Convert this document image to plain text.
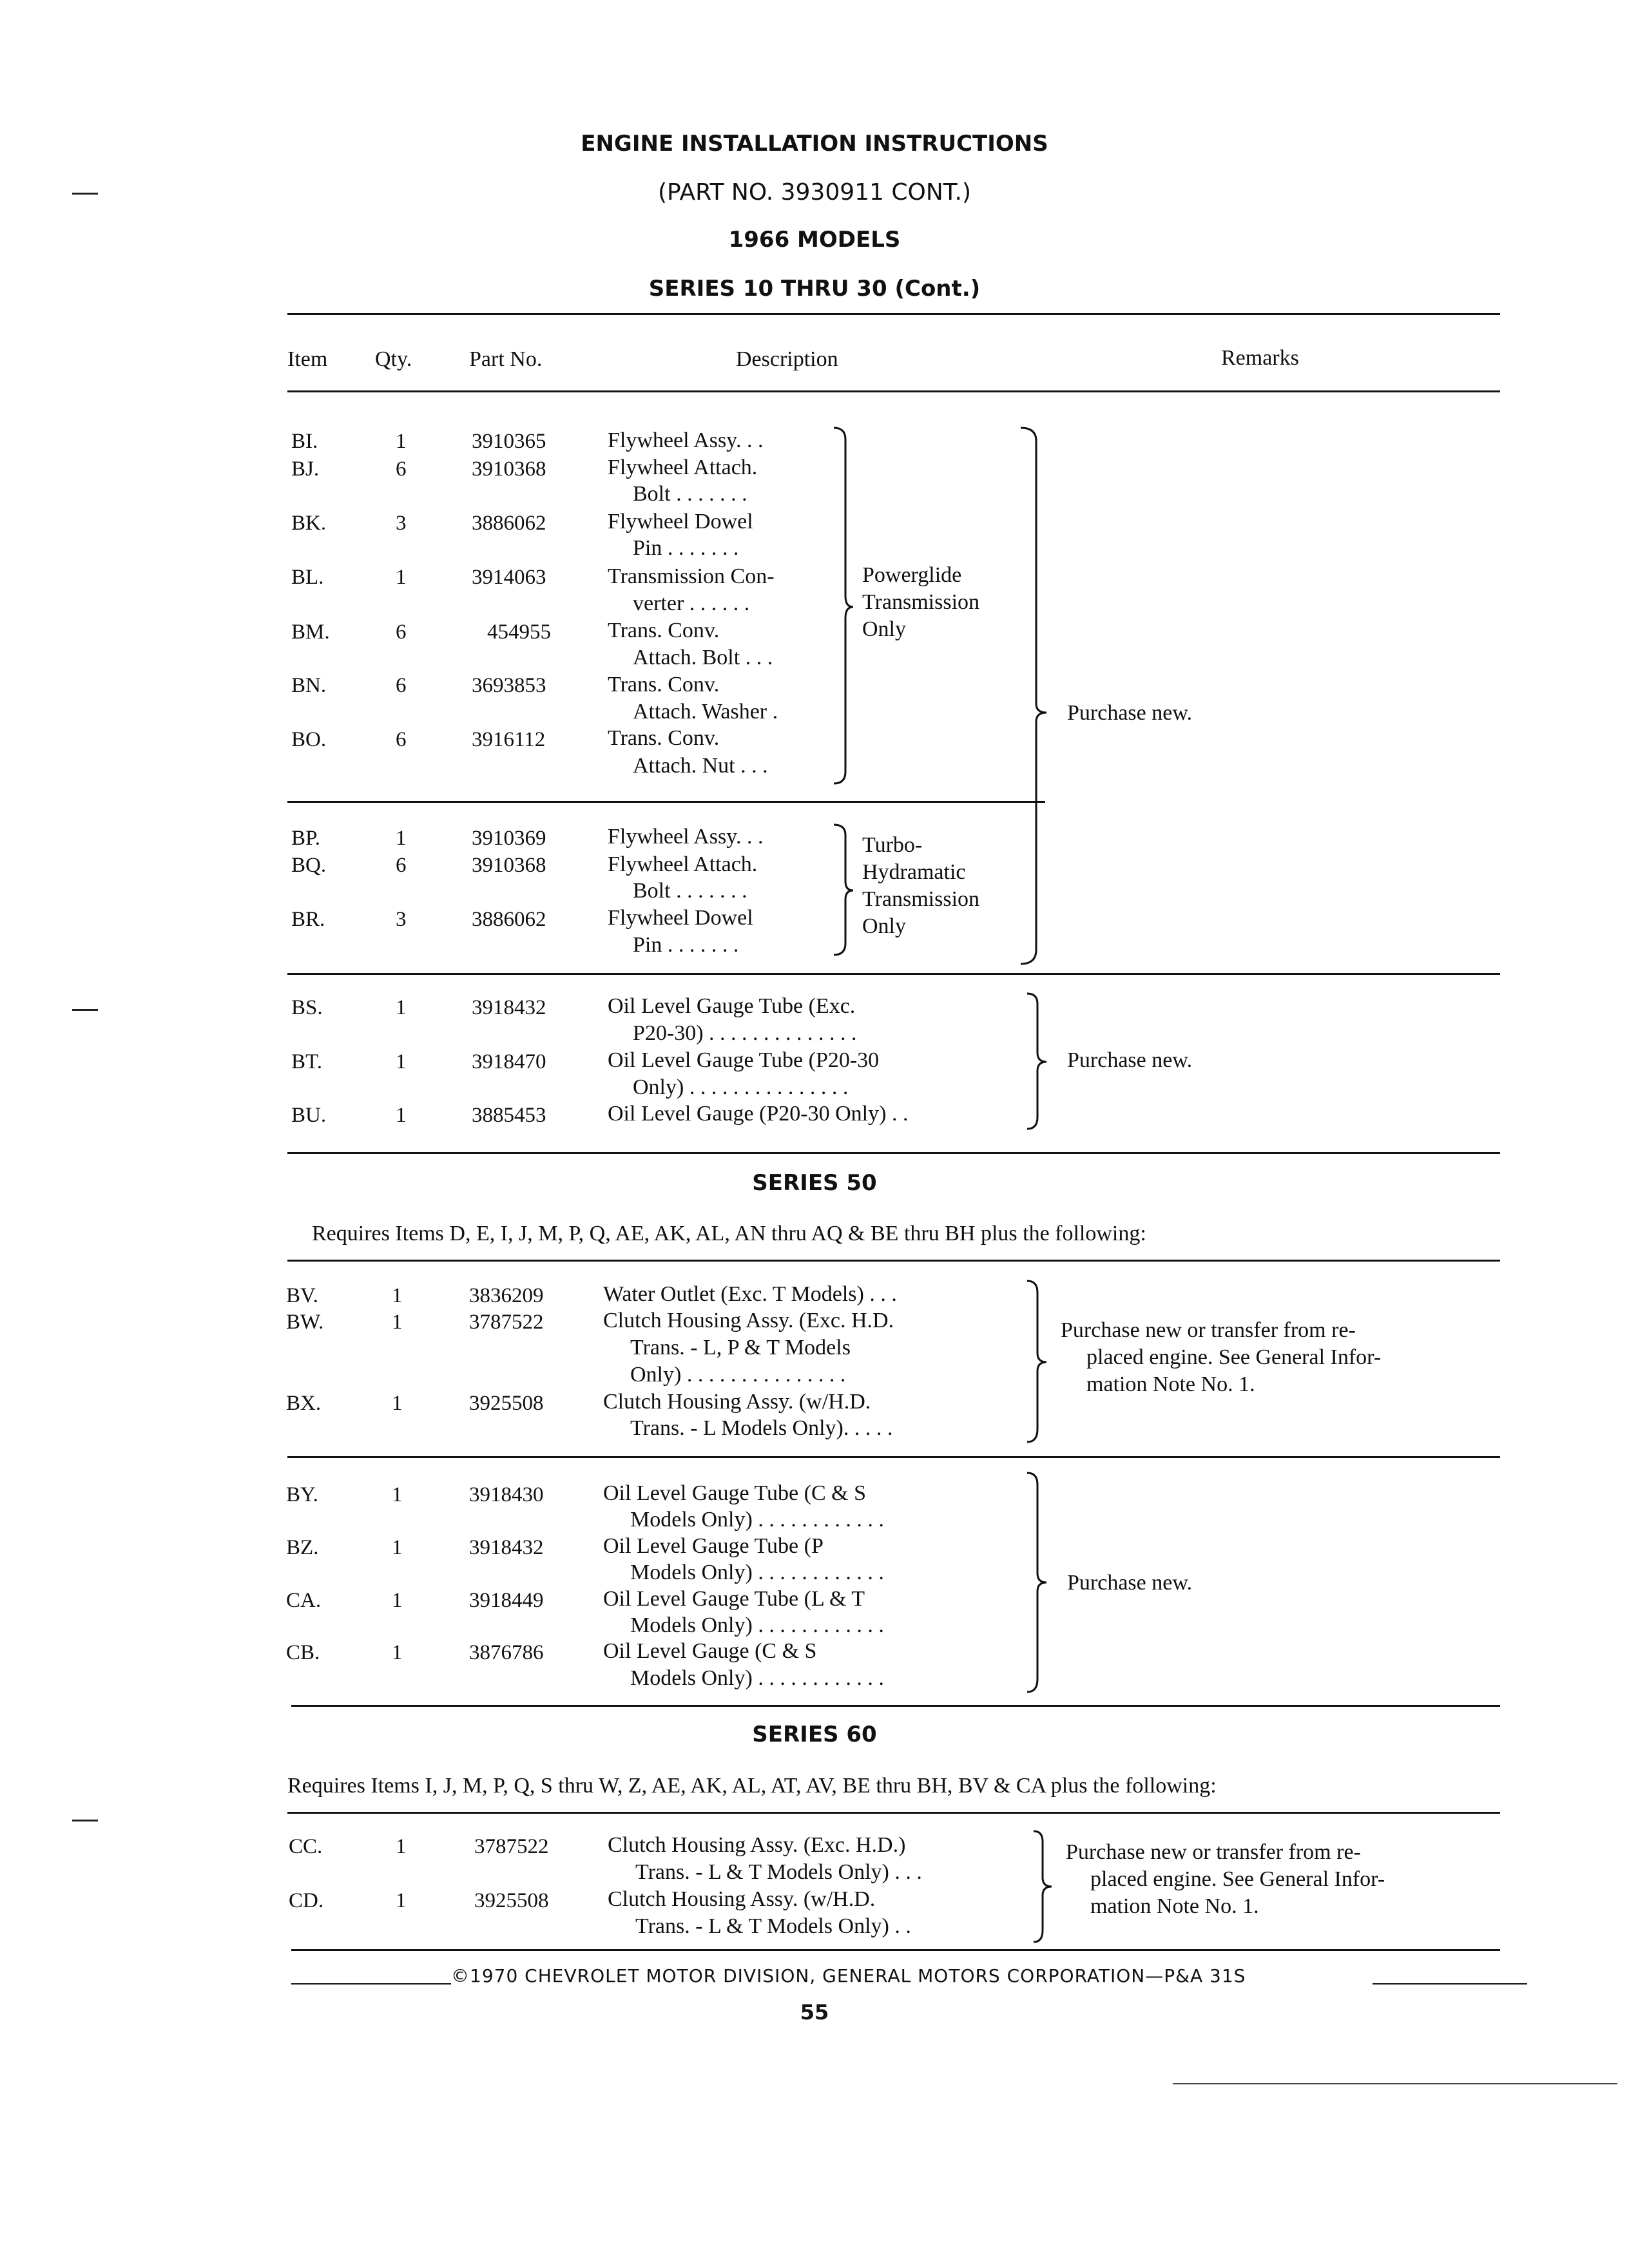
ENGINE INSTALLATION INSTRUCTIONS
(PART NO. 3930911 CONT.)
1966 MODELS
SERIES 10 THRU 30 (Cont.)
Item Qty.	Part No.	Description	Remarks
BI.	1	3910365	Flywheel Assy. . .
BJ.	6	3910368	Flywheel Attach.
Bolt . . . . . . .
BK.	3	3886062	Flywheel Dowel
Pin . . . . . . .
BL.	1	3914063	Transmission Con-
verter . . . . . .
BM.	6	454955	Trans. Conv.
Attach. Bolt . . .
BN.	6	3693853	Trans. Conv.
Attach. Washer .
BO.	6	3916112	Trans. Conv.
Attach. Nut . . .
Powerglide
Transmission
Only
BP.	1	3910369	Flywheel Assy. . .
BQ.	6	3910368	Flywheel Attach.
Bolt . . . . . . .
BR.	3	3886062	Flywheel Dowel
Pin . . . . . . .
Turbo-
Hydramatic
Transmission
Only
Purchase new.
BS.	1	3918432	Oil Level Gauge Tube (Exc.
P20-30) . . . . . . . . . . . . . .
BT.	1	3918470	Oil Level Gauge Tube (P20-30
Only) . . . . . . . . . . . . . . .
BU.	1	3885453	Oil Level Gauge (P20-30 Only) . .
Purchase new.
SERIES 50
Requires Items D, E, I, J, M, P, Q, AE, AK, AL, AN thru AQ & BE thru BH plus the following:
BV.	1	3836209	Water Outlet (Exc. T Models) . . .
BW.	1	3787522	Clutch Housing Assy. (Exc. H.D.
Trans. - L, P & T Models
Only) . . . . . . . . . . . . . . .
BX.	1	3925508	Clutch Housing Assy. (w/H.D.
Trans. - L Models Only). . . . .
Purchase new or transfer from re-
placed engine. See General Infor-
mation Note No. 1.
BY.	1	3918430	Oil Level Gauge Tube (C & S
Models Only) . . . . . . . . . . . .
BZ.	1	3918432	Oil Level Gauge Tube (P
Models Only) . . . . . . . . . . . .
CA.	1	3918449	Oil Level Gauge Tube (L & T
Models Only) . . . . . . . . . . . .
CB.	1	3876786	Oil Level Gauge (C & S
Models Only) . . . . . . . . . . . .
Purchase new.
SERIES 60
Requires Items I, J, M, P, Q, S thru W, Z, AE, AK, AL, AT, AV, BE thru BH, BV & CA plus the following:
CC.	1	3787522	Clutch Housing Assy. (Exc. H.D.)
Trans. - L & T Models Only) . . .
CD.	1	3925508	Clutch Housing Assy. (w/H.D.
Trans. - L & T Models Only) . .
Purchase new or transfer from re-
placed engine. See General Infor-
mation Note No. 1.
©1970 CHEVROLET MOTOR DIVISION, GENERAL MOTORS CORPORATION—P&A 31S
55
